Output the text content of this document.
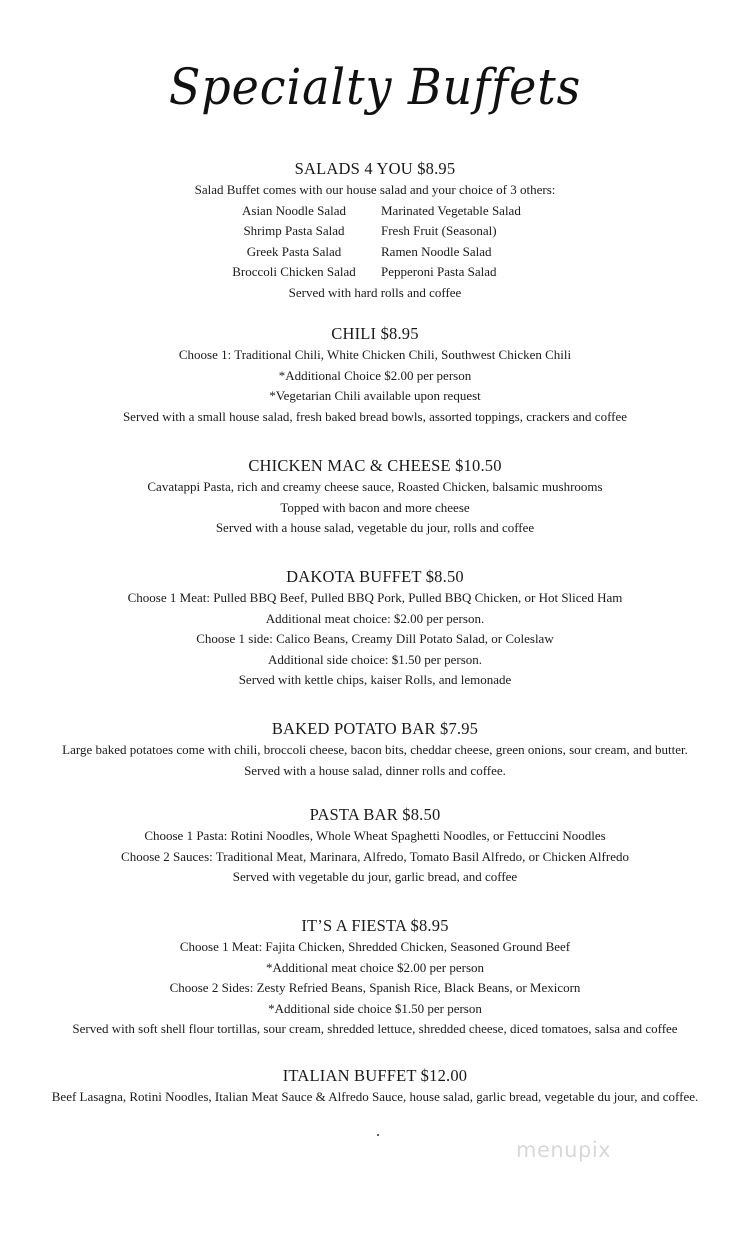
Specialty Buffets
SALADS 4 YOU $8.95
Salad Buffet comes with our house salad and your choice of 3 others:
Asian Noodle Salad	Marinated Vegetable Salad
Shrimp Pasta Salad	Fresh Fruit (Seasonal)
Greek Pasta Salad	Ramen Noodle Salad
Broccoli Chicken Salad	Pepperoni Pasta Salad
Served with hard rolls and coffee
CHILI $8.95
Choose 1: Traditional Chili, White Chicken Chili, Southwest Chicken Chili
*Additional Choice $2.00 per person
*Vegetarian Chili available upon request
Served with a small house salad, fresh baked bread bowls, assorted toppings, crackers and coffee
CHICKEN MAC & CHEESE $10.50
Cavatappi Pasta, rich and creamy cheese sauce, Roasted Chicken, balsamic mushrooms
Topped with bacon and more cheese
Served with a house salad, vegetable du jour, rolls and coffee
DAKOTA BUFFET $8.50
Choose 1 Meat: Pulled BBQ Beef, Pulled BBQ Pork, Pulled BBQ Chicken, or Hot Sliced Ham
Additional meat choice: $2.00 per person.
Choose 1 side: Calico Beans, Creamy Dill Potato Salad, or Coleslaw
Additional side choice: $1.50 per person.
Served with kettle chips, kaiser Rolls, and lemonade
BAKED POTATO BAR $7.95
Large baked potatoes come with chili, broccoli cheese, bacon bits, cheddar cheese, green onions, sour cream, and butter.
Served with a house salad, dinner rolls and coffee.
PASTA BAR $8.50
Choose 1 Pasta: Rotini Noodles, Whole Wheat Spaghetti Noodles, or Fettuccini Noodles
Choose 2 Sauces: Traditional Meat, Marinara, Alfredo, Tomato Basil Alfredo, or Chicken Alfredo
Served with vegetable du jour, garlic bread, and coffee
IT’S A FIESTA $8.95
Choose 1 Meat: Fajita Chicken, Shredded Chicken, Seasoned Ground Beef
*Additional meat choice $2.00 per person
Choose 2 Sides: Zesty Refried Beans, Spanish Rice, Black Beans, or Mexicorn
*Additional side choice $1.50 per person
Served with soft shell flour tortillas, sour cream, shredded lettuce, shredded cheese, diced tomatoes, salsa and coffee
ITALIAN BUFFET $12.00
Beef Lasagna, Rotini Noodles, Italian Meat Sauce & Alfredo Sauce, house salad, garlic bread, vegetable du jour, and coffee.
menupix
